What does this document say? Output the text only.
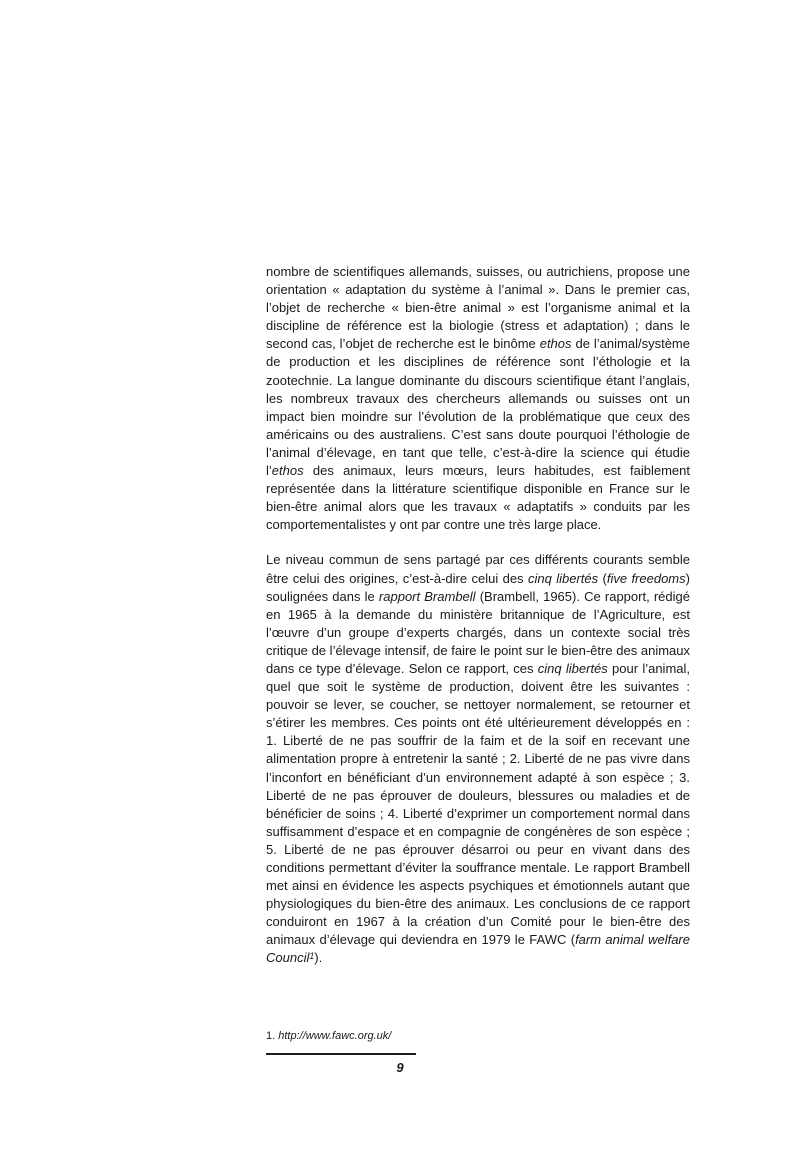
nombre de scientifiques allemands, suisses, ou autrichiens, propose une orientation « adaptation du système à l’animal ». Dans le premier cas, l’objet de recherche « bien-être animal » est l’organisme animal et la discipline de référence est la biologie (stress et adaptation) ; dans le second cas, l’objet de recherche est le binôme ethos de l’animal/système de production et les disciplines de référence sont l’éthologie et la zootechnie. La langue dominante du discours scientifique étant l’anglais, les nombreux travaux des chercheurs allemands ou suisses ont un impact bien moindre sur l’évolution de la problématique que ceux des américains ou des australiens. C’est sans doute pourquoi l’éthologie de l’animal d’élevage, en tant que telle, c’est-à-dire la science qui étudie l’ethos des animaux, leurs mœurs, leurs habitudes, est faiblement représentée dans la littérature scientifique disponible en France sur le bien-être animal alors que les travaux « adaptatifs » conduits par les comportementalistes y ont par contre une très large place.

Le niveau commun de sens partagé par ces différents courants semble être celui des origines, c’est-à-dire celui des cinq libertés (five freedoms) soulignées dans le rapport Brambell (Brambell, 1965). Ce rapport, rédigé en 1965 à la demande du ministère britannique de l’Agriculture, est l’œuvre d’un groupe d’experts chargés, dans un contexte social très critique de l’élevage intensif, de faire le point sur le bien-être des animaux dans ce type d’élevage. Selon ce rapport, ces cinq libertés pour l’animal, quel que soit le système de production, doivent être les suivantes : pouvoir se lever, se coucher, se nettoyer normalement, se retourner et s’étirer les membres. Ces points ont été ultérieurement développés en : 1. Liberté de ne pas souffrir de la faim et de la soif en recevant une alimentation propre à entretenir la santé ; 2. Liberté de ne pas vivre dans l’inconfort en bénéficiant d’un environnement adapté à son espèce ; 3. Liberté de ne pas éprouver de douleurs, blessures ou maladies et de bénéficier de soins ; 4. Liberté d’exprimer un comportement normal dans suffisamment d’espace et en compagnie de congénères de son espèce ; 5. Liberté de ne pas éprouver désarroi ou peur en vivant dans des conditions permettant d’éviter la souffrance mentale. Le rapport Brambell met ainsi en évidence les aspects psychiques et émotionnels autant que physiologiques du bien-être des animaux. Les conclusions de ce rapport conduiront en 1967 à la création d’un Comité pour le bien-être des animaux d’élevage qui deviendra en 1979 le FAWC (farm animal welfare Council$^1$).

1. http://www.fawc.org.uk/

9
